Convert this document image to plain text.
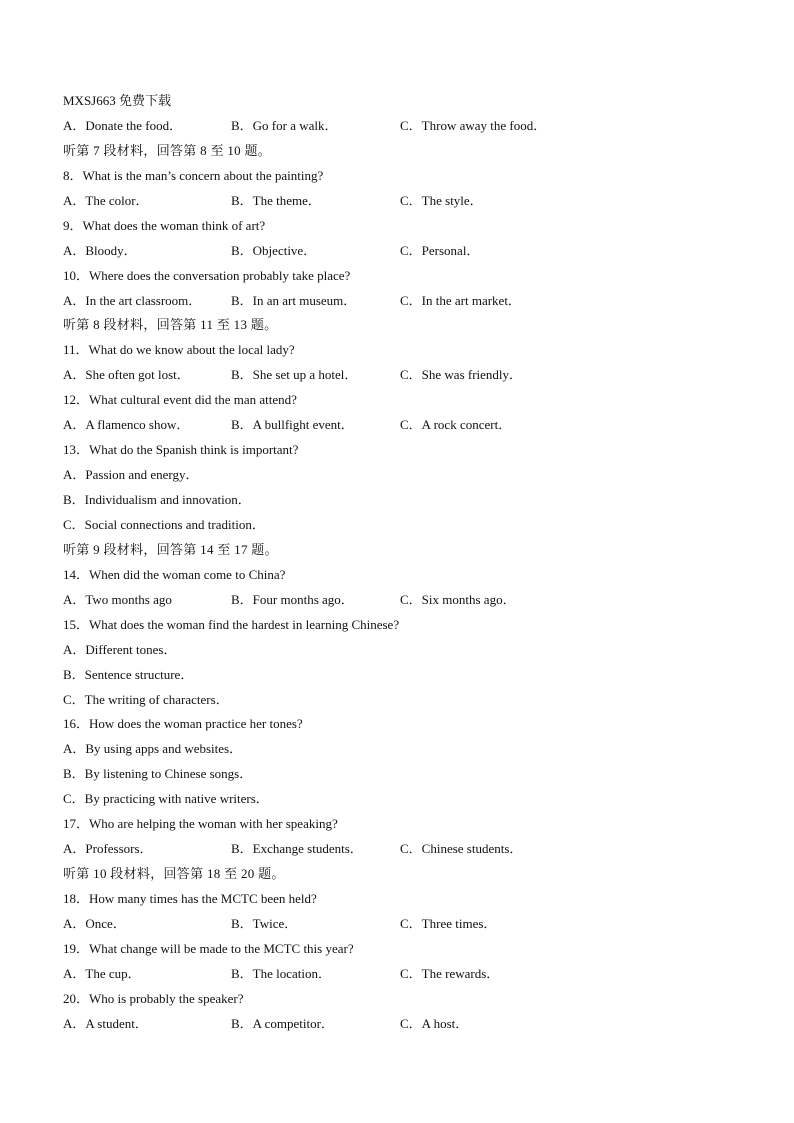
MXSJ663 免费下载
A．Donate the food．	B．Go for a walk．	C．Throw away the food．
听第 7 段材料，回答第 8 至 10 题。
8．What is the man’s concern about the painting?
A．The color．	B．The theme．	C．The style．
9．What does the woman think of art?
A．Bloody．	B．Objective．	C．Personal．
10．Where does the conversation probably take place?
A．In the art classroom． B．In an art museum．	C．In the art market．
听第 8 段材料，回答第 11 至 13 题。
11．What do we know about the local lady?
A．She often got lost．	B．She set up a hotel．	C．She was friendly．
12．What cultural event did the man attend?
A．A flamenco show．	B．A bullfight event．	C．A rock concert．
13．What do the Spanish think is important?
A．Passion and energy．
B．Individualism and innovation．
C．Social connections and tradition．
听第 9 段材料，回答第 14 至 17 题。
14．When did the woman come to China?
A．Two months ago	B．Four months ago．	C．Six months ago．
15．What does the woman find the hardest in learning Chinese?
A．Different tones．
B．Sentence structure．
C．The writing of characters．
16．How does the woman practice her tones?
A．By using apps and websites．
B．By listening to Chinese songs．
C．By practicing with native writers．
17．Who are helping the woman with her speaking?
A．Professors．	B．Exchange students．	C．Chinese students．
听第 10 段材料，回答第 18 至 20 题。
18．How many times has the MCTC been held?
A．Once．	B．Twice．	C．Three times．
19．What change will be made to the MCTC this year?
A．The cup．	B．The location．	C．The rewards．
20．Who is probably the speaker?
A．A student．	B．A competitor．	C．A host．
